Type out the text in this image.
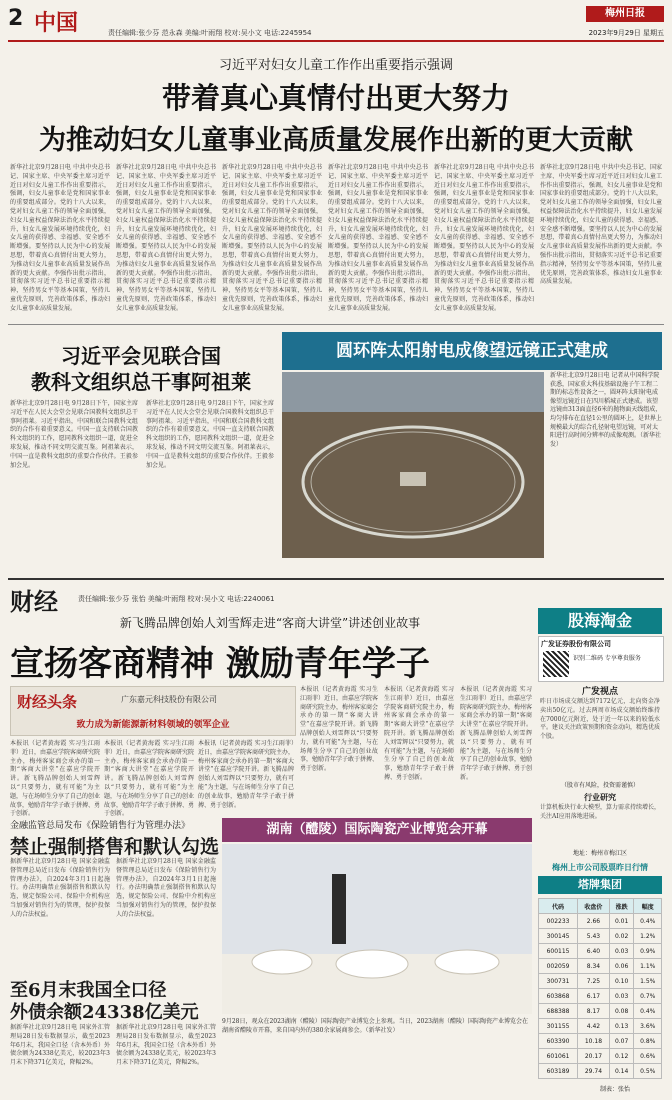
2 中国	责任编辑:张少芬 范永森 美编:叶雨翔 校对:吴小文 电话:2245954
梅州日报
2023年9月29日 星期五
习近平对妇女儿童工作作出重要指示强调
带着真心真情付出更大努力
为推动妇女儿童事业高质量发展作出新的更大贡献
新华社北京9月28日电 中共中央总书记、国家主席、中央军委主席习近平近日对妇女儿童工作作出重要指示，强调，妇女儿童事业是党和国家事业的重要组成部分。党的十八大以来，党对妇女儿童工作的领导全面加强，妇女儿童权益保障法治化水平持续提升，妇女儿童发展环境持续优化，妇女儿童的获得感、幸福感、安全感不断增强。要坚持以人民为中心的发展思想，带着真心真情付出更大努力，为推动妇女儿童事业高质量发展作出新的更大贡献。李强作出批示指出，贯彻落实习近平总书记重要指示精神，坚持男女平等基本国策，坚持儿童优先原则，完善政策体系，推动妇女儿童事业高质量发展。
新华社北京9月28日电 中共中央总书记、国家主席、中央军委主席习近平近日对妇女儿童工作作出重要指示，强调，妇女儿童事业是党和国家事业的重要组成部分。党的十八大以来，党对妇女儿童工作的领导全面加强，妇女儿童权益保障法治化水平持续提升，妇女儿童发展环境持续优化，妇女儿童的获得感、幸福感、安全感不断增强。要坚持以人民为中心的发展思想，带着真心真情付出更大努力，为推动妇女儿童事业高质量发展作出新的更大贡献。李强作出批示指出，贯彻落实习近平总书记重要指示精神，坚持男女平等基本国策，坚持儿童优先原则，完善政策体系，推动妇女儿童事业高质量发展。
新华社北京9月28日电 中共中央总书记、国家主席、中央军委主席习近平近日对妇女儿童工作作出重要指示，强调，妇女儿童事业是党和国家事业的重要组成部分。党的十八大以来，党对妇女儿童工作的领导全面加强，妇女儿童权益保障法治化水平持续提升，妇女儿童发展环境持续优化，妇女儿童的获得感、幸福感、安全感不断增强。要坚持以人民为中心的发展思想，带着真心真情付出更大努力，为推动妇女儿童事业高质量发展作出新的更大贡献。李强作出批示指出，贯彻落实习近平总书记重要指示精神，坚持男女平等基本国策，坚持儿童优先原则，完善政策体系，推动妇女儿童事业高质量发展。
新华社北京9月28日电 中共中央总书记、国家主席、中央军委主席习近平近日对妇女儿童工作作出重要指示，强调，妇女儿童事业是党和国家事业的重要组成部分。党的十八大以来，党对妇女儿童工作的领导全面加强，妇女儿童权益保障法治化水平持续提升，妇女儿童发展环境持续优化，妇女儿童的获得感、幸福感、安全感不断增强。要坚持以人民为中心的发展思想，带着真心真情付出更大努力，为推动妇女儿童事业高质量发展作出新的更大贡献。李强作出批示指出，贯彻落实习近平总书记重要指示精神，坚持男女平等基本国策，坚持儿童优先原则，完善政策体系，推动妇女儿童事业高质量发展。
新华社北京9月28日电 中共中央总书记、国家主席、中央军委主席习近平近日对妇女儿童工作作出重要指示，强调，妇女儿童事业是党和国家事业的重要组成部分。党的十八大以来，党对妇女儿童工作的领导全面加强，妇女儿童权益保障法治化水平持续提升，妇女儿童发展环境持续优化，妇女儿童的获得感、幸福感、安全感不断增强。要坚持以人民为中心的发展思想，带着真心真情付出更大努力，为推动妇女儿童事业高质量发展作出新的更大贡献。李强作出批示指出，贯彻落实习近平总书记重要指示精神，坚持男女平等基本国策，坚持儿童优先原则，完善政策体系，推动妇女儿童事业高质量发展。
新华社北京9月28日电 中共中央总书记、国家主席、中央军委主席习近平近日对妇女儿童工作作出重要指示，强调，妇女儿童事业是党和国家事业的重要组成部分。党的十八大以来，党对妇女儿童工作的领导全面加强，妇女儿童权益保障法治化水平持续提升，妇女儿童发展环境持续优化，妇女儿童的获得感、幸福感、安全感不断增强。要坚持以人民为中心的发展思想，带着真心真情付出更大努力，为推动妇女儿童事业高质量发展作出新的更大贡献。李强作出批示指出，贯彻落实习近平总书记重要指示精神，坚持男女平等基本国策，坚持儿童优先原则，完善政策体系，推动妇女儿童事业高质量发展。
习近平会见联合国
教科文组织总干事阿祖莱
新华社北京9月28日电 9月28日下午，国家主席习近平在人民大会堂会见联合国教科文组织总干事阿祖莱。习近平指出，中国和联合国教科文组织的合作有着重要意义。中国一直支持联合国教科文组织的工作，愿同教科文组织一道，促进全球发展，推动不同文明交流互鉴。阿祖莱表示，中国一直是教科文组织的重要合作伙伴。王毅参加会见。
新华社北京9月28日电 9月28日下午，国家主席习近平在人民大会堂会见联合国教科文组织总干事阿祖莱。习近平指出，中国和联合国教科文组织的合作有着重要意义。中国一直支持联合国教科文组织的工作，愿同教科文组织一道，促进全球发展，推动不同文明交流互鉴。阿祖莱表示，中国一直是教科文组织的重要合作伙伴。王毅参加会见。
圆环阵太阳射电成像望远镜正式建成
新华社北京9月28日电 记者从中国科学院获悉，国家重大科技基础设施子午工程二期的标志性设备之一，圆环阵太阳射电成像望远镜近日在四川稻城正式建成。该望远镜由313面直径6米的抛物面天线组成，均匀排布在直径1公里的圆环上，是世界上规模最大的综合孔径射电望远镜，可对太阳进行高时间分辨率的成像观测。（新华社发）
财经	责任编辑:张少芬 张怡 美编:叶雨翔 校对:吴小文 电话:2240061
新飞腾品牌创始人刘雪辉走进“客商大讲堂”讲述创业故事
宣扬客商精神 激励青年学子
财经头条	广东嘉元科技股份有限公司
致力成为新能源新材料领域的领军企业
本报讯（记者黄海霞 实习生江雨菲）近日，由嘉应学院客商研究院主办，梅州客家商会承办的第一期“客商大讲堂”在嘉应学院开讲。新飞腾品牌创始人刘雪辉以“只要努力，就有可能”为主题，与在场师生分享了自己的创业故事，勉励青年学子敢于拼搏、勇于创新。
本报讯（记者黄海霞 实习生江雨菲）近日，由嘉应学院客商研究院主办，梅州客家商会承办的第一期“客商大讲堂”在嘉应学院开讲。新飞腾品牌创始人刘雪辉以“只要努力，就有可能”为主题，与在场师生分享了自己的创业故事，勉励青年学子敢于拼搏、勇于创新。
本报讯（记者黄海霞 实习生江雨菲）近日，由嘉应学院客商研究院主办，梅州客家商会承办的第一期“客商大讲堂”在嘉应学院开讲。新飞腾品牌创始人刘雪辉以“只要努力，就有可能”为主题，与在场师生分享了自己的创业故事，勉励青年学子敢于拼搏、勇于创新。
本报讯（记者黄海霞 实习生江雨菲）近日，由嘉应学院客商研究院主办，梅州客家商会承办的第一期“客商大讲堂”在嘉应学院开讲。新飞腾品牌创始人刘雪辉以“只要努力，就有可能”为主题，与在场师生分享了自己的创业故事，勉励青年学子敢于拼搏、勇于创新。
本报讯（记者黄海霞 实习生江雨菲）近日，由嘉应学院客商研究院主办，梅州客家商会承办的第一期“客商大讲堂”在嘉应学院开讲。新飞腾品牌创始人刘雪辉以“只要努力，就有可能”为主题，与在场师生分享了自己的创业故事，勉励青年学子敢于拼搏、勇于创新。
本报讯（记者黄海霞 实习生江雨菲）近日，由嘉应学院客商研究院主办，梅州客家商会承办的第一期“客商大讲堂”在嘉应学院开讲。新飞腾品牌创始人刘雪辉以“只要努力，就有可能”为主题，与在场师生分享了自己的创业故事，勉励青年学子敢于拼搏、勇于创新。
金融监管总局发布《保险销售行为管理办法》
禁止强制搭售和默认勾选
据新华社北京9月28日电 国家金融监督管理总局近日发布《保险销售行为管理办法》，自2024年3月1日起施行。办法明确禁止强制搭售和默认勾选，规定保险公司、保险中介机构应当加强对销售行为的管理，保护投保人的合法权益。
据新华社北京9月28日电 国家金融监督管理总局近日发布《保险销售行为管理办法》，自2024年3月1日起施行。办法明确禁止强制搭售和默认勾选，规定保险公司、保险中介机构应当加强对销售行为的管理，保护投保人的合法权益。
湖南（醴陵）国际陶瓷产业博览会开幕
9月28日，观众在2023湖南（醴陵）国际陶瓷产业博览会上参观。当日，2023湖南（醴陵）国际陶瓷产业博览会在湖南省醴陵市开幕，来自国内外的380余家展商参会。（新华社发）
至6月末我国全口径
外债余额24338亿美元
据新华社北京9月28日电 国家外汇管理局28日发布数据显示，截至2023年6月末，我国全口径（含本外币）外债余额为24338亿美元，较2023年3月末下降371亿美元，降幅2%。
据新华社北京9月28日电 国家外汇管理局28日发布数据显示，截至2023年6月末，我国全口径（含本外币）外债余额为24338亿美元，较2023年3月末下降371亿美元，降幅2%。
股海淘金
广发证券股份有限公司
识别二维码 专享尊贵服务
广发视点
昨日市场成交额达到7172亿元，北向资金净卖出50亿元。过去两周市场成交额始终维持在7000亿元附近，处于近一年以来的较低水平。建议关注政策预期和资金动向，精选优质个股。
（股市有风险，投资需谨慎）
行业研究
计算机板块行业大模型，算力需求持续增长，关注AI应用落地进展。
地址：梅州市梅江区
梅州上市公司股票昨日行情
塔牌集团
代码	收盘价	涨跌	幅度
002233	2.66	0.01	0.4%
300145	5.43	0.02	1.2%
600115	6.40	0.03	0.9%
002059	8.34	0.06	1.1%
300731	7.25	0.10	1.5%
603868	6.17	0.03	0.7%
688388	8.17	0.08	0.4%
301155	4.42	0.13	3.6%
603390	10.18	0.07	0.8%
601061	20.17	0.12	0.6%
603189	29.74	0.14	0.5%
制表：张怡
